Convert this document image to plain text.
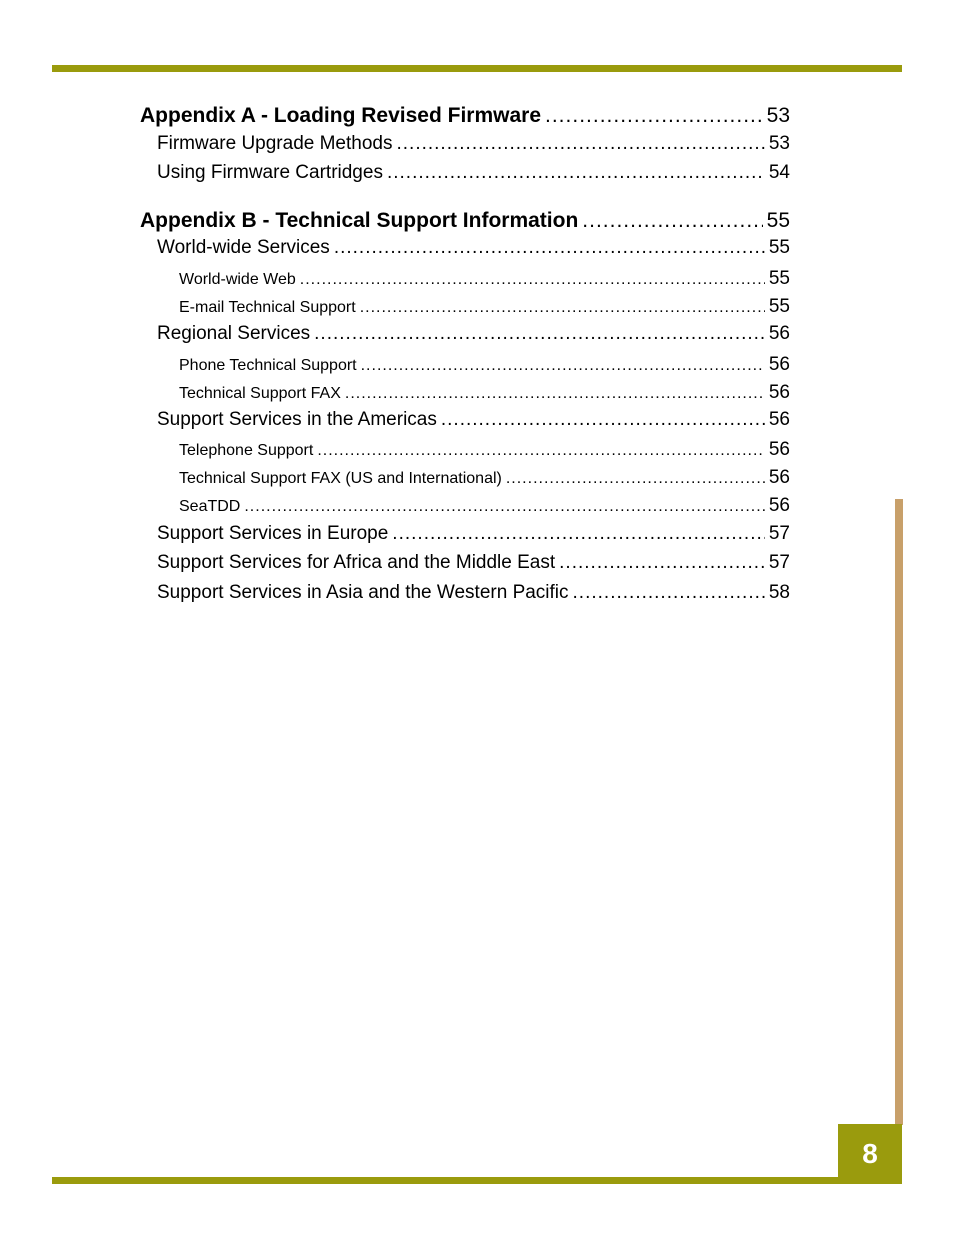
Appendix A - Loading Revised Firmware .....	53
Firmware Upgrade Methods .....	53
Using Firmware Cartridges .....	54
Appendix B - Technical Support Information .....	55
World-wide Services .....	55
World-wide Web .....	55
E-mail Technical Support .....	55
Regional Services .....	56
Phone Technical Support .....	56
Technical Support FAX .....	56
Support Services in the Americas .....	56
Telephone Support .....	56
Technical Support FAX (US and International) .....	56
SeaTDD .....	56
Support Services in Europe .....	57
Support Services for Africa and the Middle East .....	57
Support Services in Asia and the Western Pacific .....	58
8
